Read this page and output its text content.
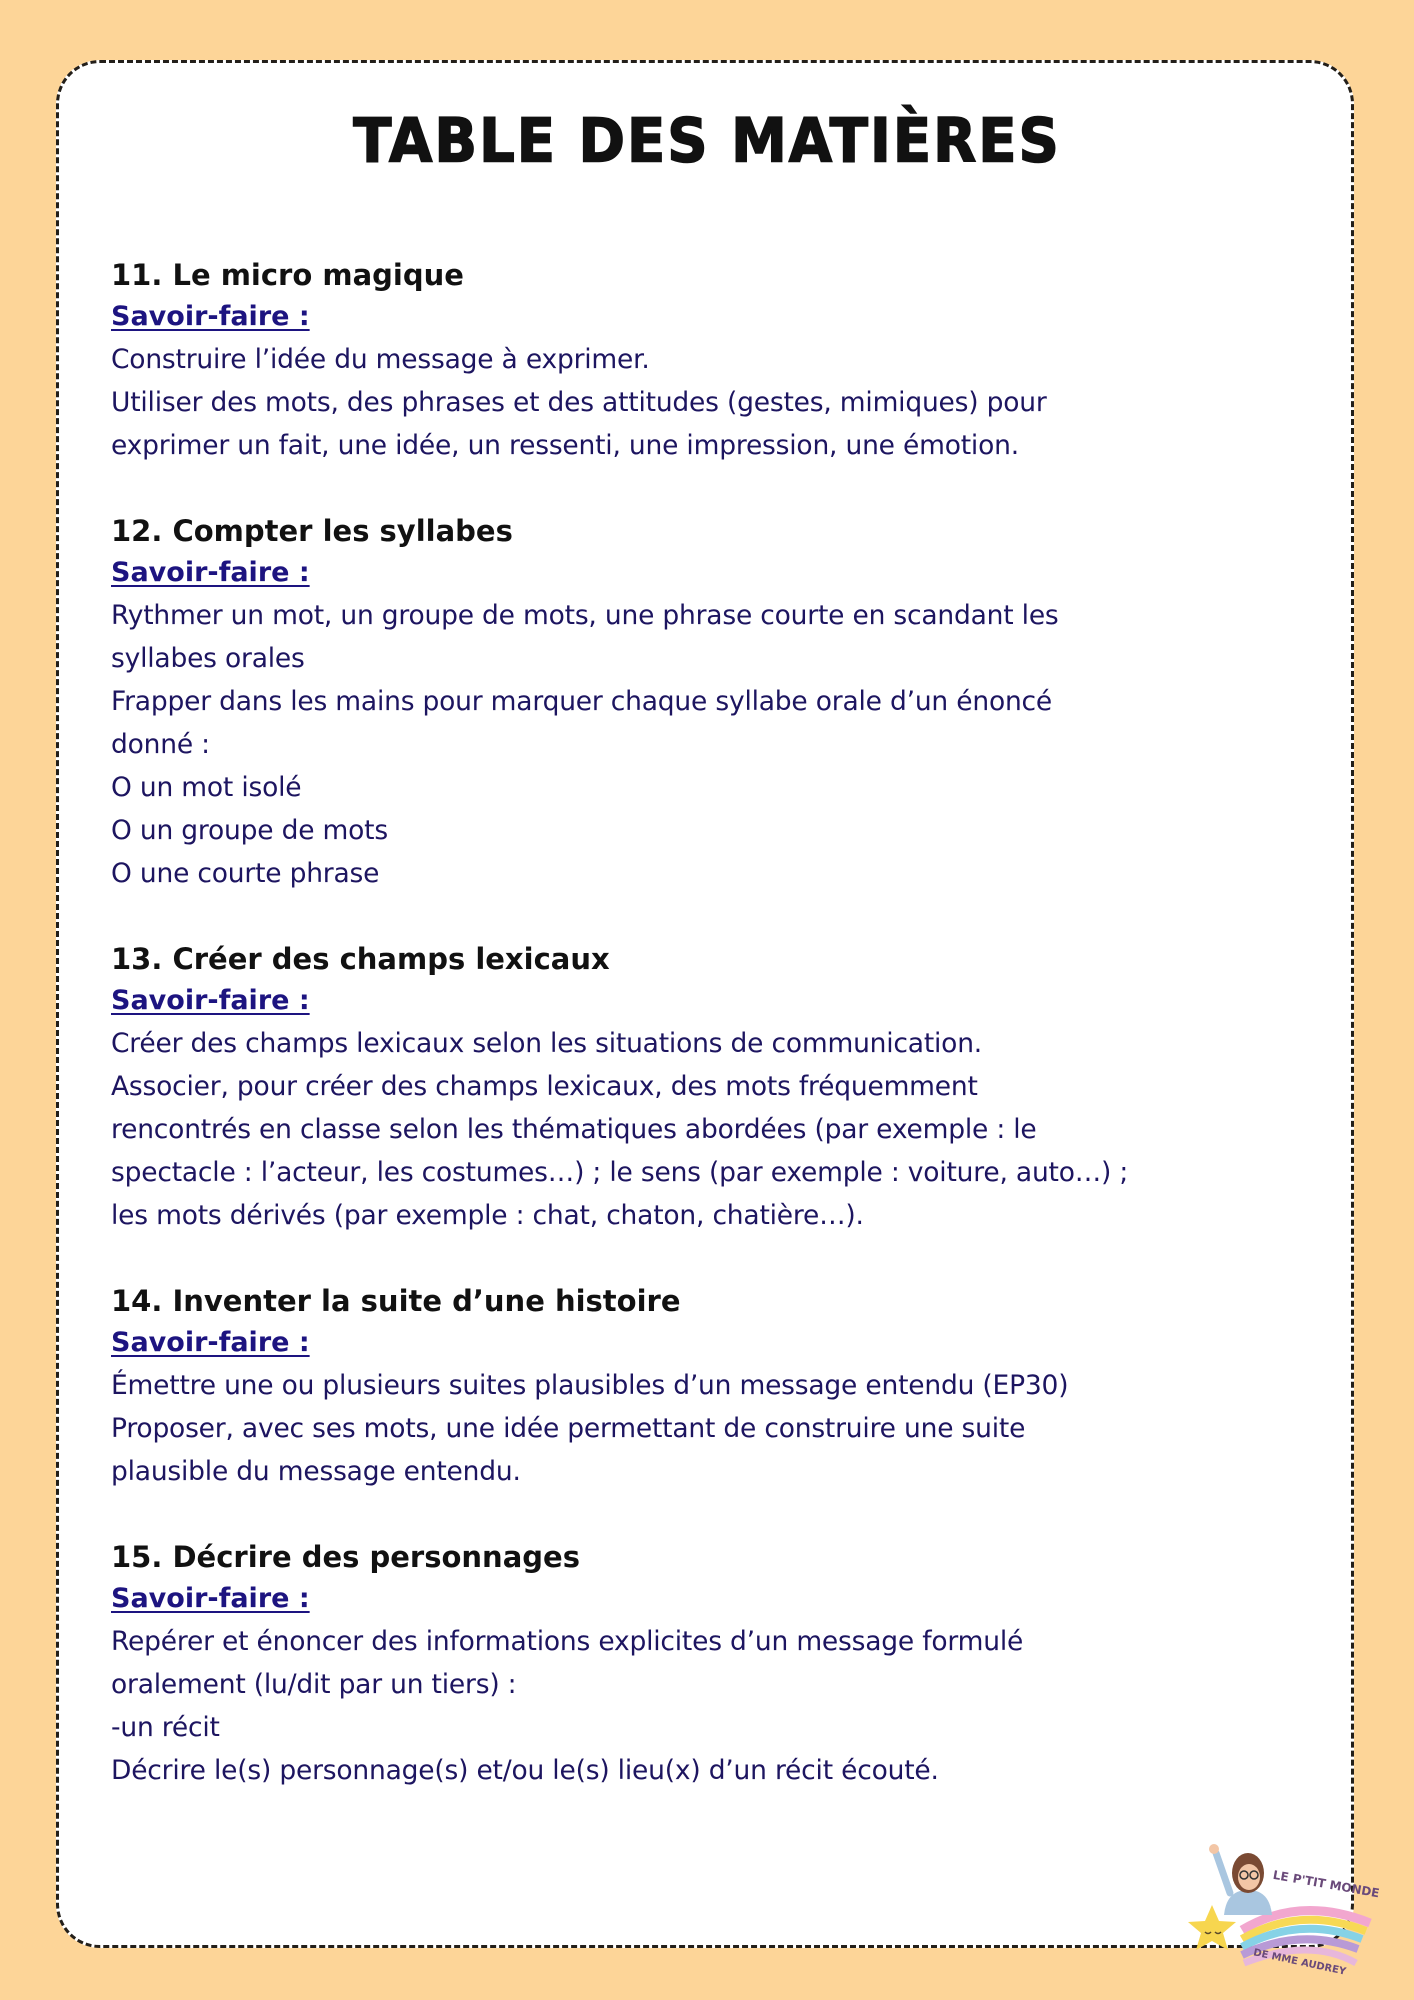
TABLE DES MATIÈRES
11. Le micro magique
Savoir-faire :
Construire l’idée du message à exprimer.
Utiliser des mots, des phrases et des attitudes (gestes, mimiques) pour
exprimer un fait, une idée, un ressenti, une impression, une émotion.
12. Compter les syllabes
Savoir-faire :
Rythmer un mot, un groupe de mots, une phrase courte en scandant les
syllabes orales
Frapper dans les mains pour marquer chaque syllabe orale d’un énoncé
donné :
O un mot isolé
O un groupe de mots
O une courte phrase
13. Créer des champs lexicaux
Savoir-faire :
Créer des champs lexicaux selon les situations de communication.
Associer, pour créer des champs lexicaux, des mots fréquemment
rencontrés en classe selon les thématiques abordées (par exemple : le
spectacle : l’acteur, les costumes…) ; le sens (par exemple : voiture, auto…) ;
les mots dérivés (par exemple : chat, chaton, chatière…).
14. Inventer la suite d’une histoire
Savoir-faire :
Émettre une ou plusieurs suites plausibles d’un message entendu (EP30)
Proposer, avec ses mots, une idée permettant de construire une suite
plausible du message entendu.
15. Décrire des personnages
Savoir-faire :
Repérer et énoncer des informations explicites d’un message formulé
oralement (lu/dit par un tiers) :
-un récit
Décrire le(s) personnage(s) et/ou le(s) lieu(x) d’un récit écouté.
LE P'TIT MONDE
DE MME AUDREY
